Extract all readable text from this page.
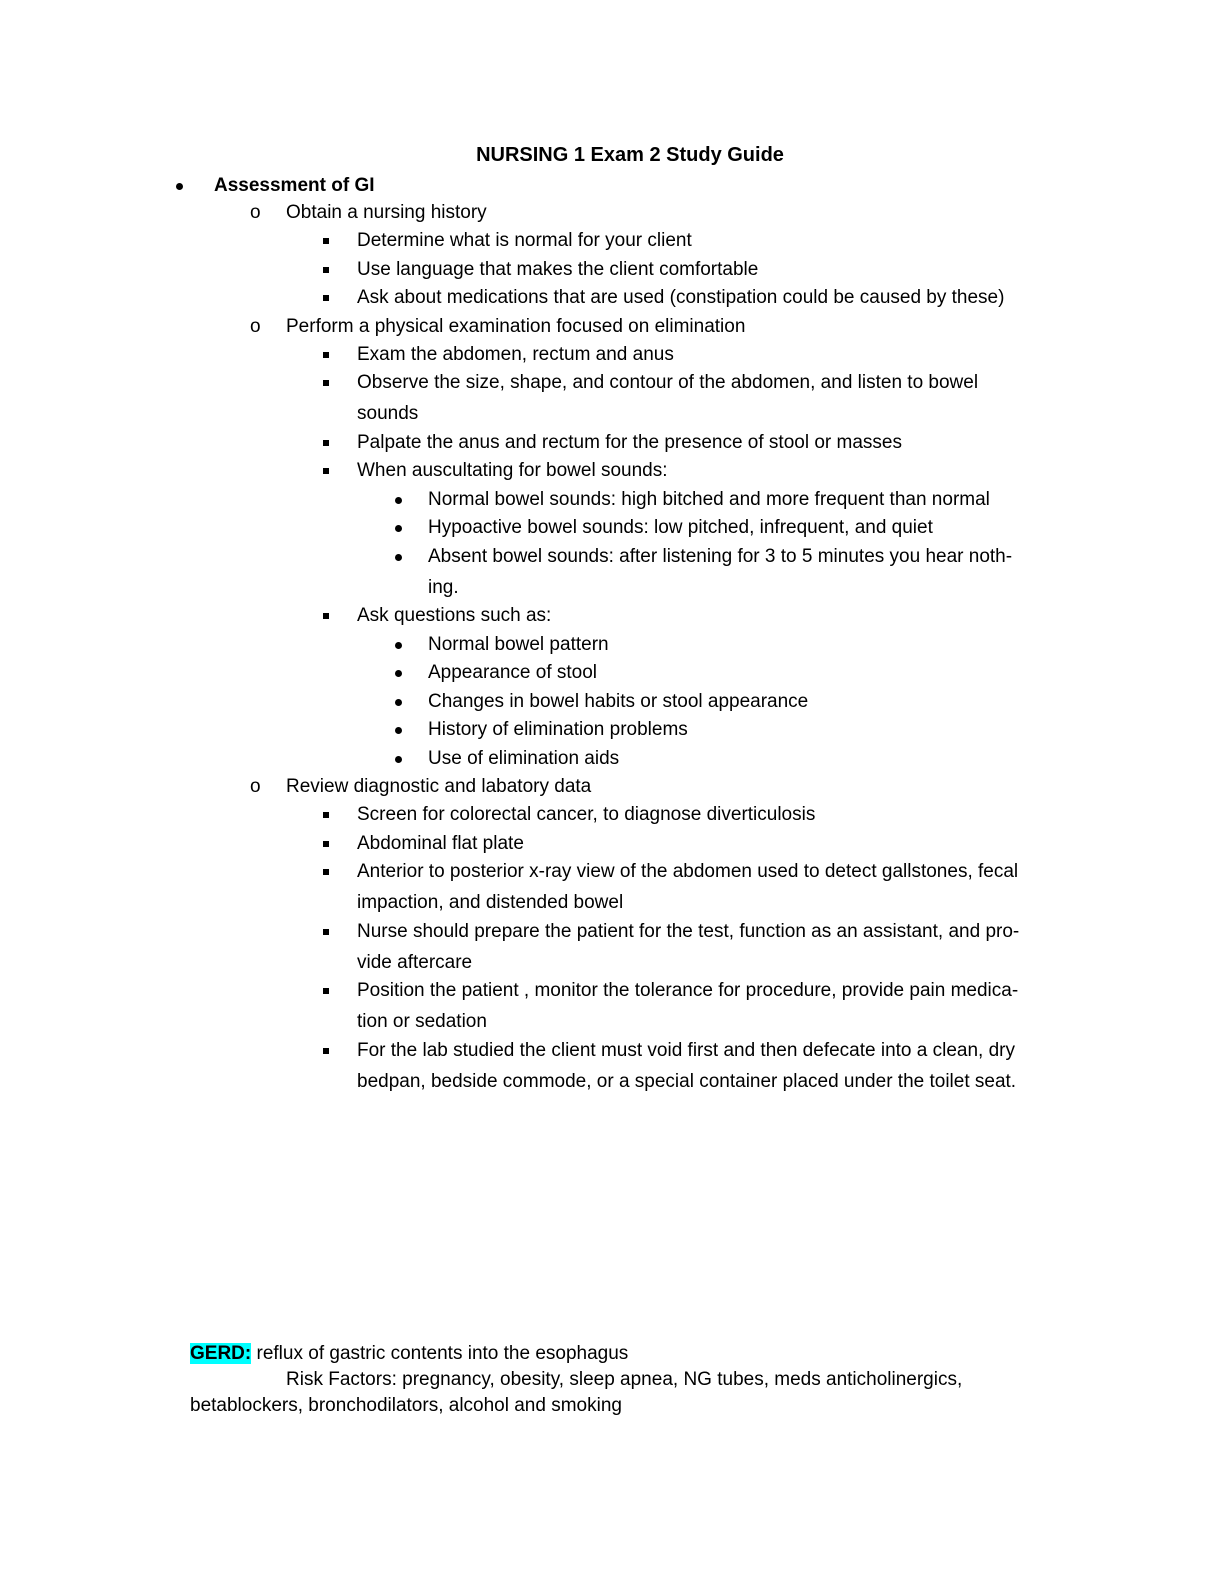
NURSING 1 Exam 2 Study Guide
Assessment of GI
o Obtain a nursing history
Determine what is normal for your client
Use language that makes the client comfortable
Ask about medications that are used (constipation could be caused by these)
o Perform a physical examination focused on elimination
Exam the abdomen, rectum and anus
Observe the size, shape, and contour of the abdomen, and listen to bowel
sounds
Palpate the anus and rectum for the presence of stool or masses
When auscultating for bowel sounds:
Normal bowel sounds: high bitched and more frequent than normal
Hypoactive bowel sounds: low pitched, infrequent, and quiet
Absent bowel sounds: after listening for 3 to 5 minutes you hear noth-
ing.
Ask questions such as:
Normal bowel pattern
Appearance of stool
Changes in bowel habits or stool appearance
History of elimination problems
Use of elimination aids
o Review diagnostic and labatory data
Screen for colorectal cancer, to diagnose diverticulosis
Abdominal flat plate
Anterior to posterior x-ray view of the abdomen used to detect gallstones, fecal
impaction, and distended bowel
Nurse should prepare the patient for the test, function as an assistant, and pro-
vide aftercare
Position the patient , monitor the tolerance for procedure, provide pain medica-
tion or sedation
For the lab studied the client must void first and then defecate into a clean, dry
bedpan, bedside commode, or a special container placed under the toilet seat.
GERD: reflux of gastric contents into the esophagus
Risk Factors: pregnancy, obesity, sleep apnea, NG tubes, meds anticholinergics,
betablockers, bronchodilators, alcohol and smoking
